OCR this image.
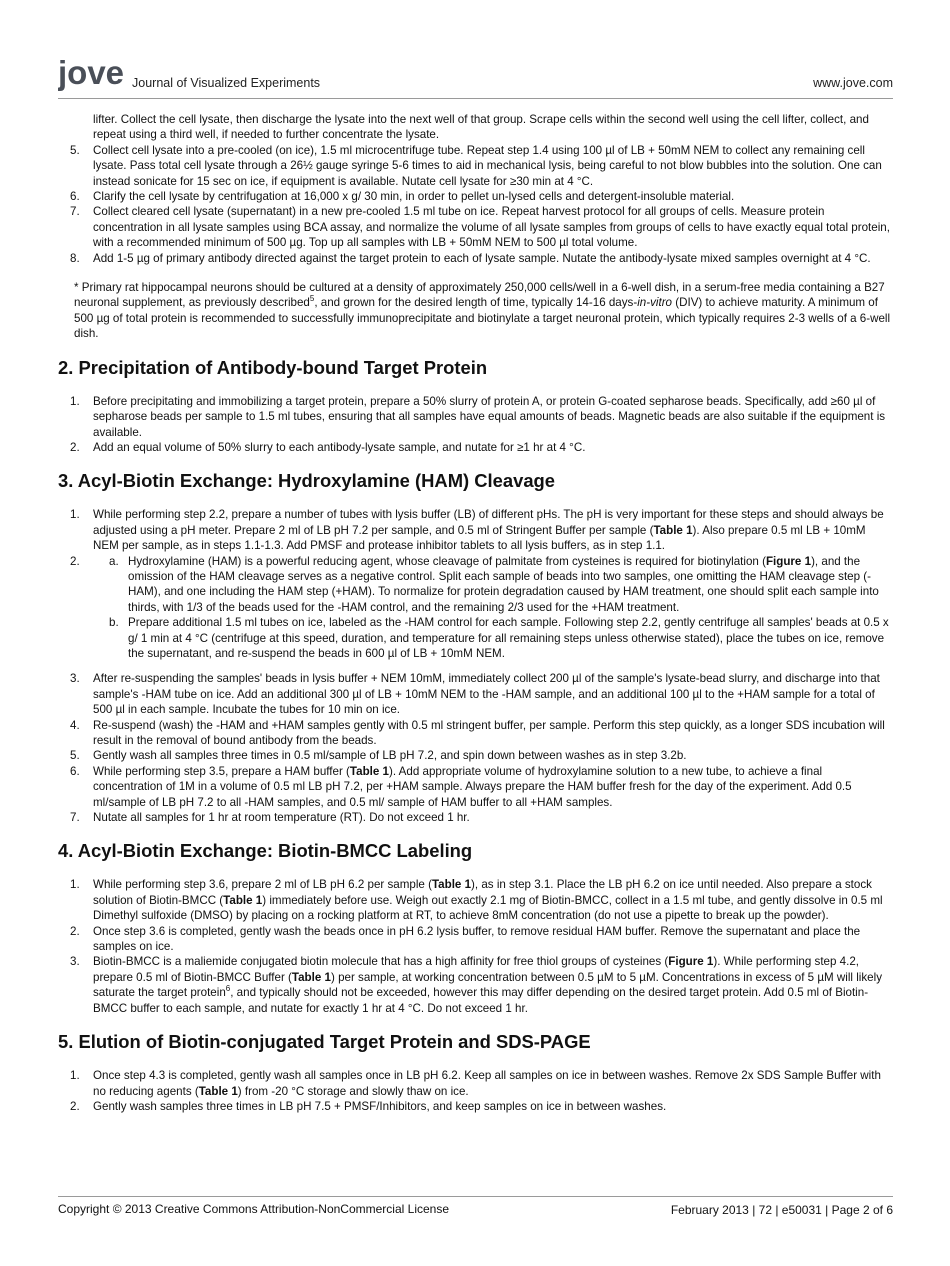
jove Journal of Visualized Experiments	www.jove.com
lifter. Collect the cell lysate, then discharge the lysate into the next well of that group. Scrape cells within the second well using the cell lifter, collect, and repeat using a third well, if needed to further concentrate the lysate.
5.	Collect cell lysate into a pre-cooled (on ice), 1.5 ml microcentrifuge tube. Repeat step 1.4 using 100 µl of LB + 50mM NEM to collect any remaining cell lysate. Pass total cell lysate through a 26½ gauge syringe 5-6 times to aid in mechanical lysis, being careful to not blow bubbles into the solution. One can instead sonicate for 15 sec on ice, if equipment is available. Nutate cell lysate for ≥30 min at 4 °C.
6.	Clarify the cell lysate by centrifugation at 16,000 x g/ 30 min, in order to pellet un-lysed cells and detergent-insoluble material.
7.	Collect cleared cell lysate (supernatant) in a new pre-cooled 1.5 ml tube on ice. Repeat harvest protocol for all groups of cells. Measure protein concentration in all lysate samples using BCA assay, and normalize the volume of all lysate samples from groups of cells to have exactly equal total protein, with a recommended minimum of 500 µg. Top up all samples with LB + 50mM NEM to 500 µl total volume.
8.	Add 1-5 µg of primary antibody directed against the target protein to each of lysate sample. Nutate the antibody-lysate mixed samples overnight at 4 °C.

* Primary rat hippocampal neurons should be cultured at a density of approximately 250,000 cells/well in a 6-well dish, in a serum-free media containing a B27 neuronal supplement, as previously described$^5$, and grown for the desired length of time, typically 14-16 days-in-vitro (DIV) to achieve maturity. A minimum of 500 µg of total protein is recommended to successfully immunoprecipitate and biotinylate a target neuronal protein, which typically requires 2-3 wells of a 6-well dish.

2. Precipitation of Antibody-bound Target Protein
1.	Before precipitating and immobilizing a target protein, prepare a 50% slurry of protein A, or protein G-coated sepharose beads. Specifically, add ≥60 µl of sepharose beads per sample to 1.5 ml tubes, ensuring that all samples have equal amounts of beads. Magnetic beads are also suitable if the equipment is available.
2.	Add an equal volume of 50% slurry to each antibody-lysate sample, and nutate for ≥1 hr at 4 °C.
3. Acyl-Biotin Exchange: Hydroxylamine (HAM) Cleavage
1.	While performing step 2.2, prepare a number of tubes with lysis buffer (LB) of different pHs. The pH is very important for these steps and should always be adjusted using a pH meter. Prepare 2 ml of LB pH 7.2 per sample, and 0.5 ml of Stringent Buffer per sample (Table 1). Also prepare 0.5 ml LB + 10mM NEM per sample, as in steps 1.1-1.3. Add PMSF and protease inhibitor tablets to all lysis buffers, as in step 1.1.
2.	a. Hydroxylamine (HAM) is a powerful reducing agent, whose cleavage of palmitate from cysteines is required for biotinylation (Figure 1), and the omission of the HAM cleavage serves as a negative control. Split each sample of beads into two samples, one omitting the HAM cleavage step (-HAM), and one including the HAM step (+HAM). To normalize for protein degradation caused by HAM treatment, one should split each sample into thirds, with 1/3 of the beads used for the -HAM control, and the remaining 2/3 used for the +HAM treatment.
b. Prepare additional 1.5 ml tubes on ice, labeled as the -HAM control for each sample. Following step 2.2, gently centrifuge all samples' beads at 0.5 x g/ 1 min at 4 °C (centrifuge at this speed, duration, and temperature for all remaining steps unless otherwise stated), place the tubes on ice, remove the supernatant, and re-suspend the beads in 600 µl of LB + 10mM NEM.
3.	After re-suspending the samples' beads in lysis buffer + NEM 10mM, immediately collect 200 µl of the sample's lysate-bead slurry, and discharge into that sample's -HAM tube on ice. Add an additional 300 µl of LB + 10mM NEM to the -HAM sample, and an additional 100 µl to the +HAM sample for a total of 500 µl in each sample. Incubate the tubes for 10 min on ice.
4.	Re-suspend (wash) the -HAM and +HAM samples gently with 0.5 ml stringent buffer, per sample. Perform this step quickly, as a longer SDS incubation will result in the removal of bound antibody from the beads.
5.	Gently wash all samples three times in 0.5 ml/sample of LB pH 7.2, and spin down between washes as in step 3.2b.
6.	While performing step 3.5, prepare a HAM buffer (Table 1). Add appropriate volume of hydroxylamine solution to a new tube, to achieve a final concentration of 1M in a volume of 0.5 ml LB pH 7.2, per +HAM sample. Always prepare the HAM buffer fresh for the day of the experiment. Add 0.5 ml/sample of LB pH 7.2 to all -HAM samples, and 0.5 ml/ sample of HAM buffer to all +HAM samples.
7.	Nutate all samples for 1 hr at room temperature (RT). Do not exceed 1 hr.
4. Acyl-Biotin Exchange: Biotin-BMCC Labeling
1.	While performing step 3.6, prepare 2 ml of LB pH 6.2 per sample (Table 1), as in step 3.1. Place the LB pH 6.2 on ice until needed. Also prepare a stock solution of Biotin-BMCC (Table 1) immediately before use. Weigh out exactly 2.1 mg of Biotin-BMCC, collect in a 1.5 ml tube, and gently dissolve in 0.5 ml Dimethyl sulfoxide (DMSO) by placing on a rocking platform at RT, to achieve 8mM concentration (do not use a pipette to break up the powder).
2.	Once step 3.6 is completed, gently wash the beads once in pH 6.2 lysis buffer, to remove residual HAM buffer. Remove the supernatant and place the samples on ice.
3.	Biotin-BMCC is a maliemide conjugated biotin molecule that has a high affinity for free thiol groups of cysteines (Figure 1). While performing step 4.2, prepare 0.5 ml of Biotin-BMCC Buffer (Table 1) per sample, at working concentration between 0.5 µM to 5 µM. Concentrations in excess of 5 µM will likely saturate the target protein$^6$, and typically should not be exceeded, however this may differ depending on the desired target protein. Add 0.5 ml of Biotin-BMCC buffer to each sample, and nutate for exactly 1 hr at 4 °C. Do not exceed 1 hr.
5. Elution of Biotin-conjugated Target Protein and SDS-PAGE
1.	Once step 4.3 is completed, gently wash all samples once in LB pH 6.2. Keep all samples on ice in between washes. Remove 2x SDS Sample Buffer with no reducing agents (Table 1) from -20 °C storage and slowly thaw on ice.
2.	Gently wash samples three times in LB pH 7.5 + PMSF/Inhibitors, and keep samples on ice in between washes.
Copyright © 2013 Creative Commons Attribution-NonCommercial License	February 2013 | 72 | e50031 | Page 2 of 6
